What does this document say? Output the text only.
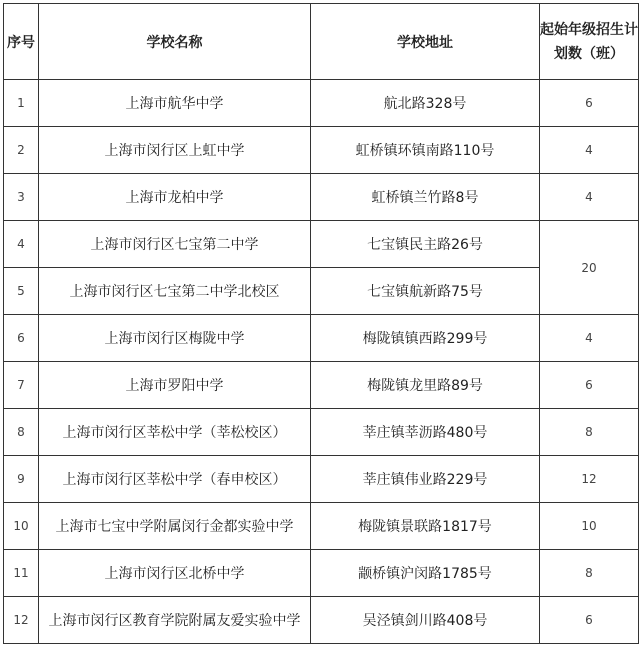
序号	学校名称	学校地址	起始年级招生计划数（班）
1	上海市航华中学	航北路328号	6
2	上海市闵行区上虹中学	虹桥镇环镇南路110号	4
3	上海市龙柏中学	虹桥镇兰竹路8号	4
4	上海市闵行区七宝第二中学	七宝镇民主路26号	20
5	上海市闵行区七宝第二中学北校区	七宝镇航新路75号	
6	上海市闵行区梅陇中学	梅陇镇镇西路299号	4
7	上海市罗阳中学	梅陇镇龙里路89号	6
8	上海市闵行区莘松中学（莘松校区）	莘庄镇莘沥路480号	8
9	上海市闵行区莘松中学（春申校区）	莘庄镇伟业路229号	12
10	上海市七宝中学附属闵行金都实验中学	梅陇镇景联路1817号	10
11	上海市闵行区北桥中学	颛桥镇沪闵路1785号	8
12	上海市闵行区教育学院附属友爱实验中学	吴泾镇剑川路408号	6
